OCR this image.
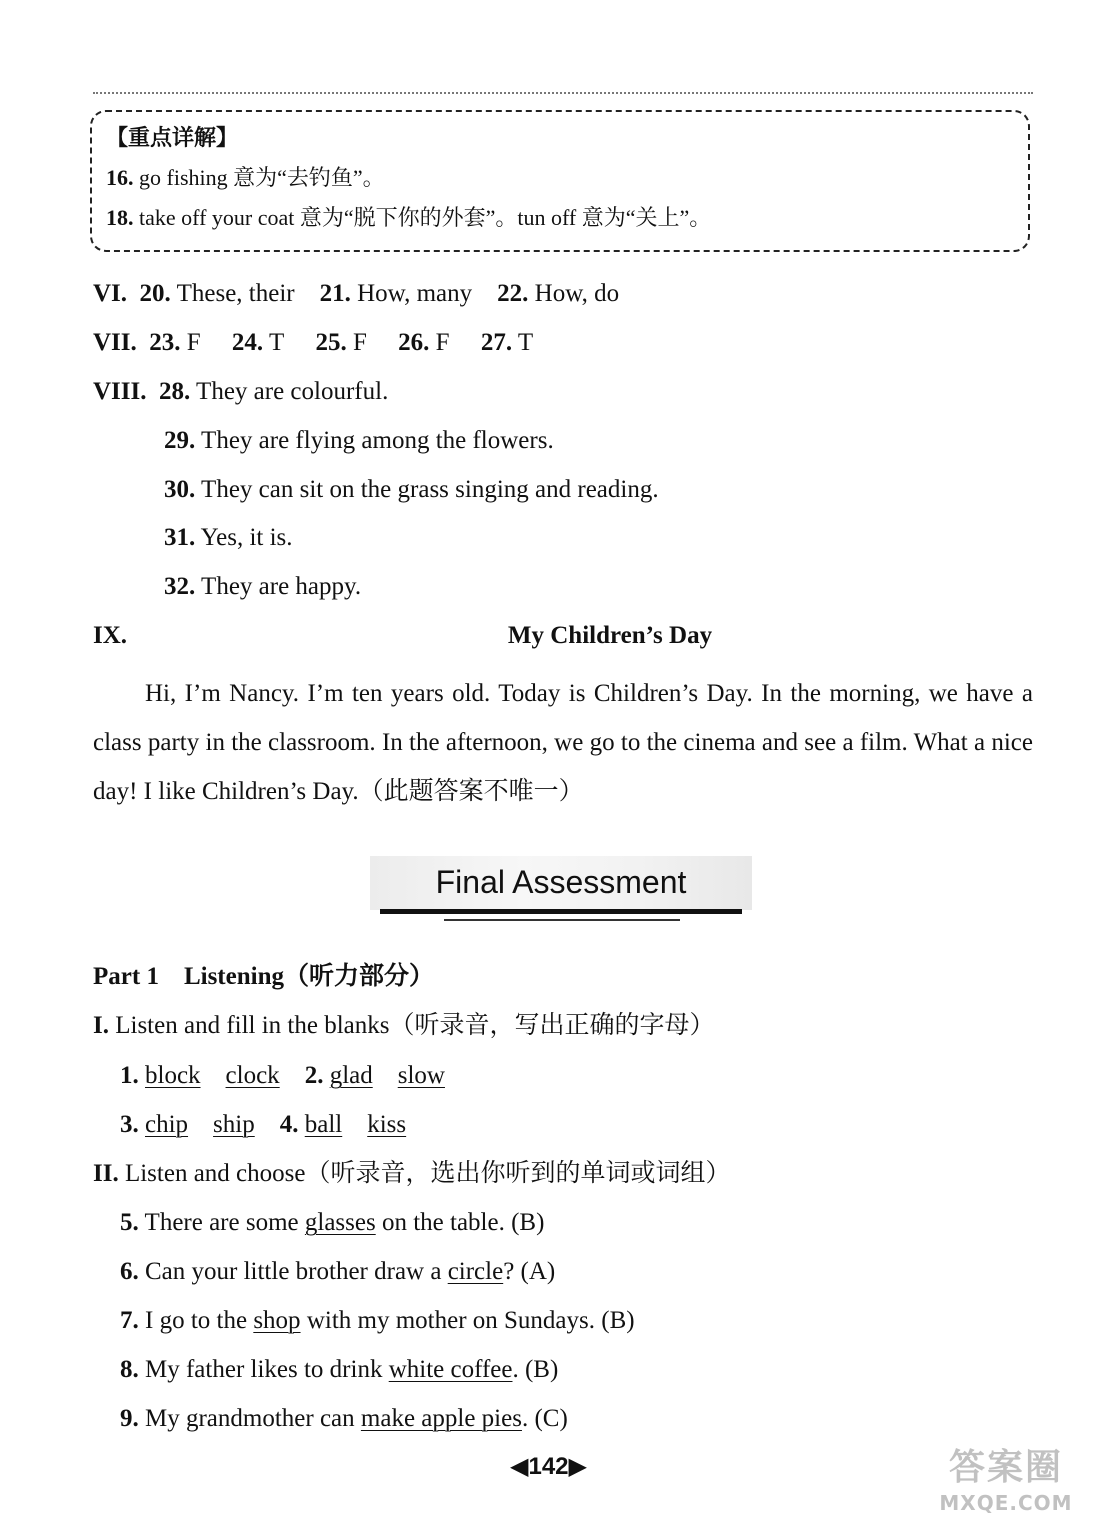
【重点详解】
16. go fishing 意为“去钓鱼”。
18. take off your coat 意为“脱下你的外套”。tun off 意为“关上”。
VI. 20. These, their 21. How, many 22. How, do
VII. 23. F 24. T 25. F 26. F 27. T
VIII. 28. They are colourful.
29. They are flying among the flowers.
30. They can sit on the grass singing and reading.
31. Yes, it is.
32. They are happy.
IX.	My Children’s Day
Hi, I’m Nancy. I’m ten years old. Today is Children’s Day. In the morning, we have a class party in the classroom. In the afternoon, we go to the cinema and see a film. What a nice day! I like Children’s Day.（此题答案不唯一）
Final Assessment
Part 1 Listening（听力部分）
I. Listen and fill in the blanks（听录音，写出正确的字母）
1. block clock 2. glad slow
3. chip ship 4. ball kiss
II. Listen and choose（听录音，选出你听到的单词或词组）
5. There are some glasses on the table. (B)
6. Can your little brother draw a circle? (A)
7. I go to the shop with my mother on Sundays. (B)
8. My father likes to drink white coffee. (B)
9. My grandmother can make apple pies. (C)
◀142▶	答案圈
MXQE.COM
